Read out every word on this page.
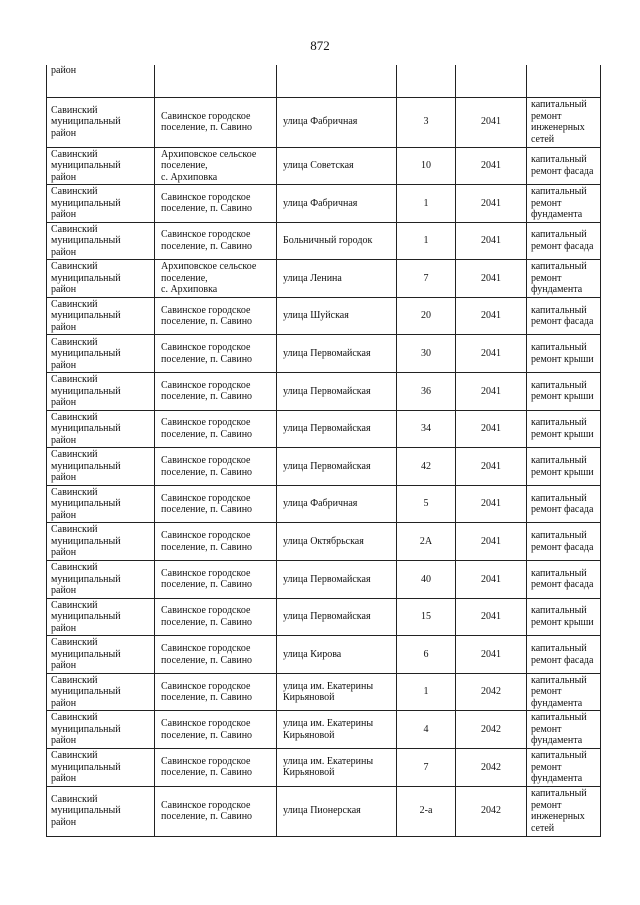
872
район					
Савинский
муниципальный
район	Савинское городское
поселение, п. Савино	улица Фабричная	3	2041	капитальный
ремонт
инженерных
сетей
Савинский
муниципальный
район	Архиповское сельское
поселение,
с. Архиповка	улица Советская	10	2041	капитальный
ремонт фасада
Савинский
муниципальный
район	Савинское городское
поселение, п. Савино	улица Фабричная	1	2041	капитальный
ремонт
фундамента
Савинский
муниципальный
район	Савинское городское
поселение, п. Савино	Больничный городок	1	2041	капитальный
ремонт фасада
Савинский
муниципальный
район	Архиповское сельское
поселение,
с. Архиповка	улица Ленина	7	2041	капитальный
ремонт
фундамента
Савинский
муниципальный
район	Савинское городское
поселение, п. Савино	улица Шуйская	20	2041	капитальный
ремонт фасада
Савинский
муниципальный
район	Савинское городское
поселение, п. Савино	улица Первомайская	30	2041	капитальный
ремонт крыши
Савинский
муниципальный
район	Савинское городское
поселение, п. Савино	улица Первомайская	36	2041	капитальный
ремонт крыши
Савинский
муниципальный
район	Савинское городское
поселение, п. Савино	улица Первомайская	34	2041	капитальный
ремонт крыши
Савинский
муниципальный
район	Савинское городское
поселение, п. Савино	улица Первомайская	42	2041	капитальный
ремонт крыши
Савинский
муниципальный
район	Савинское городское
поселение, п. Савино	улица Фабричная	5	2041	капитальный
ремонт фасада
Савинский
муниципальный
район	Савинское городское
поселение, п. Савино	улица Октябрьская	2А	2041	капитальный
ремонт фасада
Савинский
муниципальный
район	Савинское городское
поселение, п. Савино	улица Первомайская	40	2041	капитальный
ремонт фасада
Савинский
муниципальный
район	Савинское городское
поселение, п. Савино	улица Первомайская	15	2041	капитальный
ремонт крыши
Савинский
муниципальный
район	Савинское городское
поселение, п. Савино	улица Кирова	6	2041	капитальный
ремонт фасада
Савинский
муниципальный
район	Савинское городское
поселение, п. Савино	улица им. Екатерины
Кирьяновой	1	2042	капитальный
ремонт
фундамента
Савинский
муниципальный
район	Савинское городское
поселение, п. Савино	улица им. Екатерины
Кирьяновой	4	2042	капитальный
ремонт
фундамента
Савинский
муниципальный
район	Савинское городское
поселение, п. Савино	улица им. Екатерины
Кирьяновой	7	2042	капитальный
ремонт
фундамента
Савинский
муниципальный
район	Савинское городское
поселение, п. Савино	улица Пионерская	2-а	2042	капитальный
ремонт
инженерных
сетей
